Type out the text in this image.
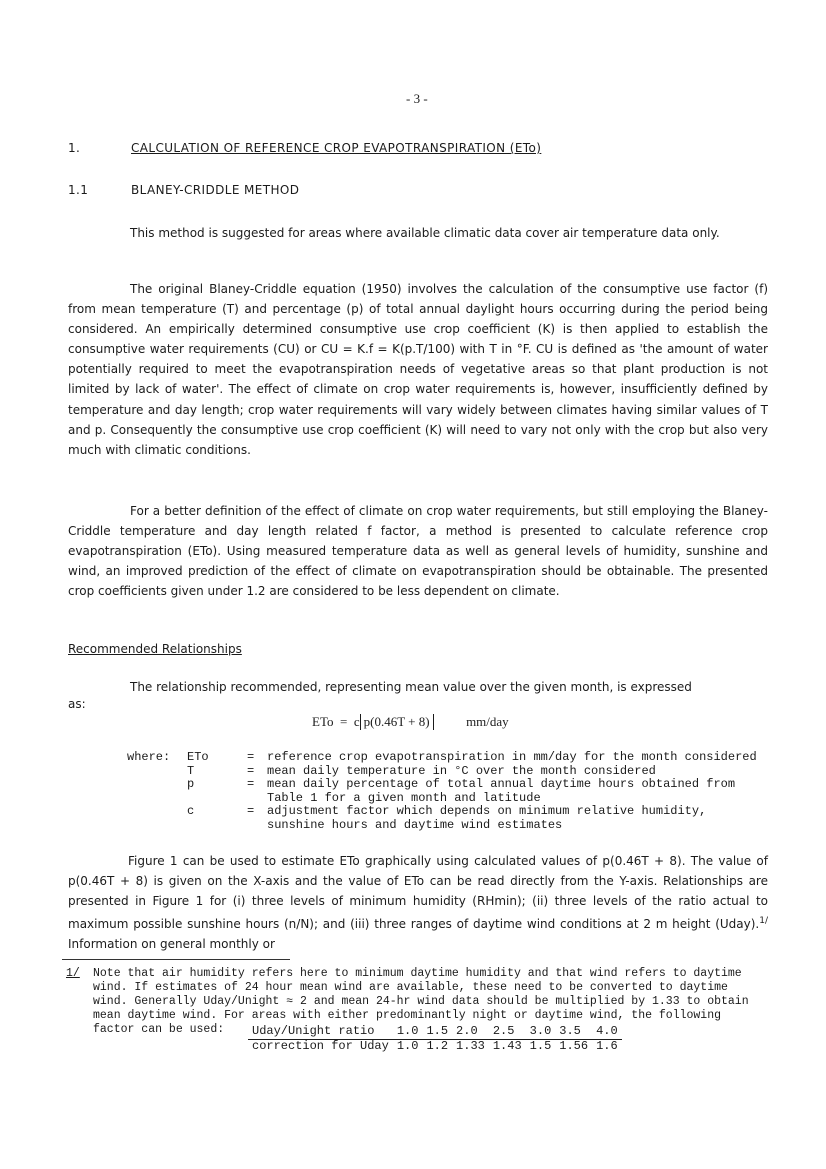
- 3 -
1.	CALCULATION OF REFERENCE CROP EVAPOTRANSPIRATION (ETo)
1.1	BLANEY-CRIDDLE METHOD

This method is suggested for areas where available climatic data cover air temperature data only.

The original Blaney-Criddle equation (1950) involves the calculation of the consumptive use factor (f) from mean temperature (T) and percentage (p) of total annual daylight hours occurring during the period being considered. An empirically determined consumptive use crop coefficient (K) is then applied to establish the consumptive water requirements (CU) or CU = K.f = K(p.T/100) with T in °F. CU is defined as 'the amount of water potentially required to meet the evapotranspiration needs of vegetative areas so that plant production is not limited by lack of water'. The effect of climate on crop water requirements is, however, insufficiently defined by temperature and day length; crop water requirements will vary widely between climates having similar values of T and p. Consequently the consumptive use crop coefficient (K) will need to vary not only with the crop but also very much with climatic conditions.

For a better definition of the effect of climate on crop water requirements, but still employing the Blaney-Criddle temperature and day length related f factor, a method is presented to calculate reference crop evapotranspiration (ETo). Using measured temperature data as well as general levels of humidity, sunshine and wind, an improved prediction of the effect of climate on evapotranspiration should be obtainable. The presented crop coefficients given under 1.2 are considered to be less dependent on climate.

Recommended Relationships

The relationship recommended, representing mean value over the given month, is expressed

as:
ETo = c p(0.46T + 8)	mm/day
where:	ETo	=	reference crop evapotranspiration in mm/day for the month considered
	T	=	mean daily temperature in °C over the month considered
	p	=	mean daily percentage of total annual daytime hours obtained from
			Table 1 for a given month and latitude
	c	=	adjustment factor which depends on minimum relative humidity,
			sunshine hours and daytime wind estimates

Figure 1 can be used to estimate ETo graphically using calculated values of p(0.46T + 8). The value of p(0.46T + 8) is given on the X-axis and the value of ETo can be read directly from the Y-axis. Relationships are presented in Figure 1 for (i) three levels of minimum humidity (RHmin); (ii) three levels of the ratio actual to maximum possible sunshine hours (n/N); and (iii) three ranges of daytime wind conditions at 2 m height (Uday).$^{1/}$ Information on general monthly or

1/ Note that air humidity refers here to minimum daytime humidity and that wind refers to daytime
wind. If estimates of 24 hour mean wind are available, these need to be converted to daytime
wind. Generally Uday/Unight ≈ 2 and mean 24-hr wind data should be multiplied by 1.33 to obtain
mean daytime wind. For areas with either predominantly night or daytime wind, the following
factor can be used: Uday/Unight ratio	1.0	1.5	2.0	2.5	3.0	3.5	4.0
correction for Uday	1.0	1.2	1.33	1.43	1.5	1.56	1.6
